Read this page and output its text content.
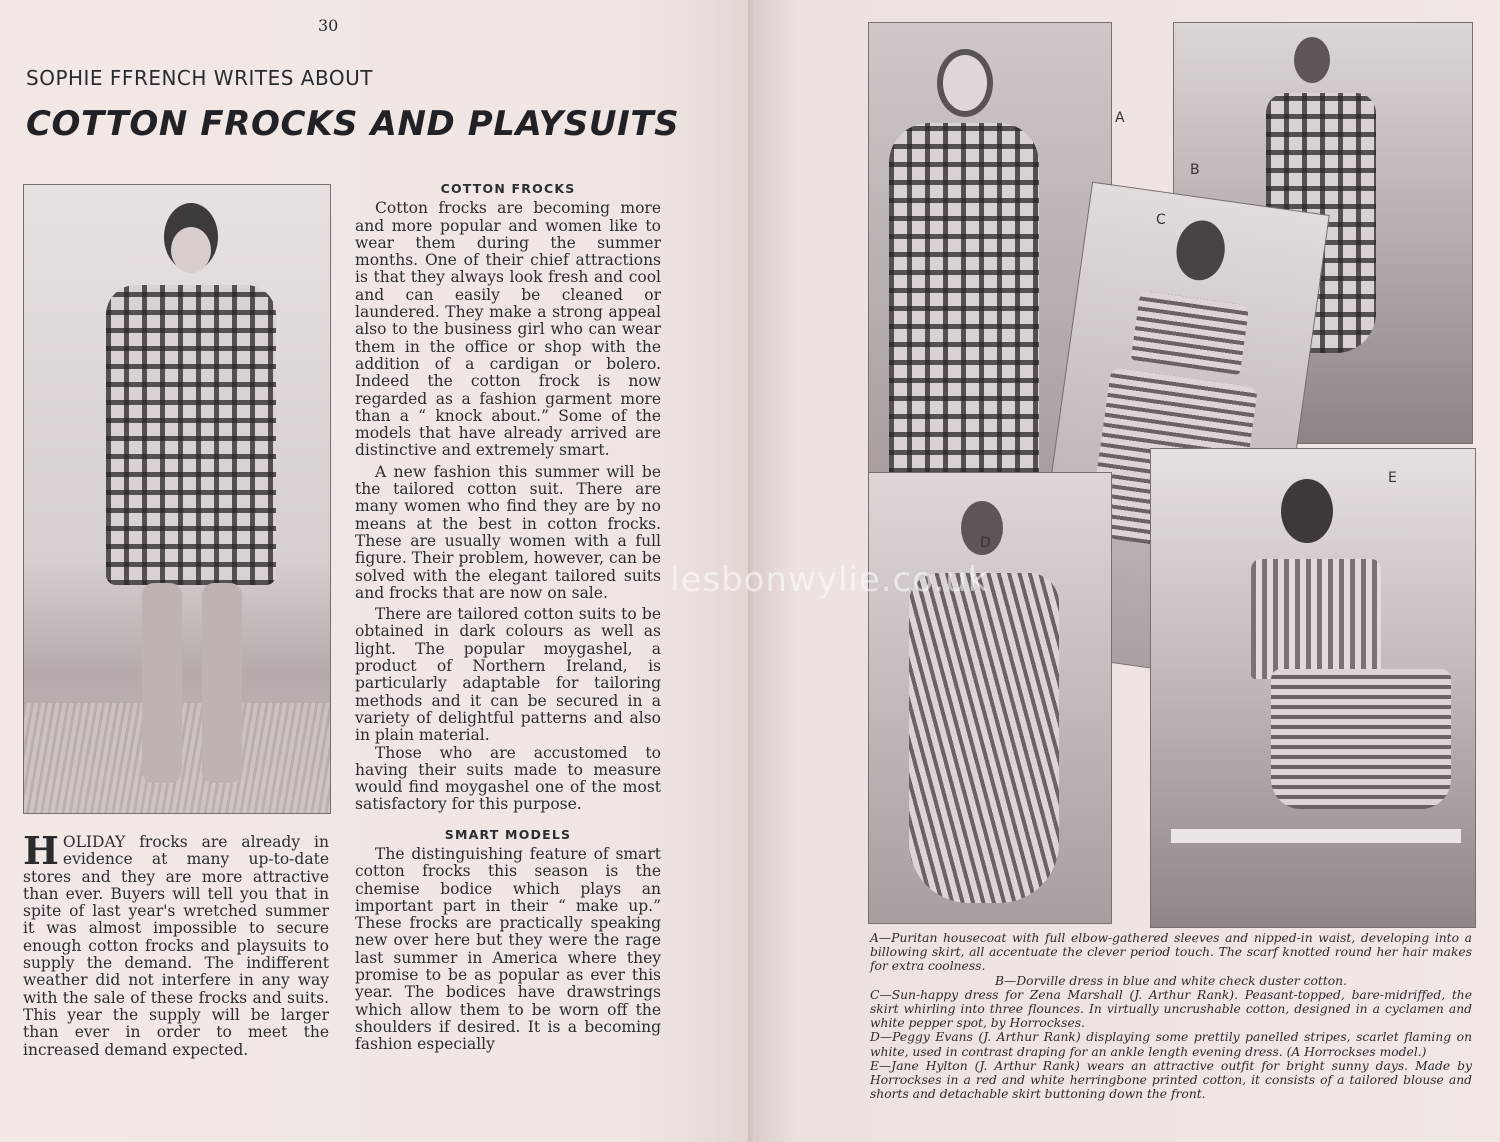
30
SOPHIE FFRENCH WRITES ABOUT
COTTON FROCKS AND PLAYSUITS

HOLIDAY frocks are already in evidence at many up-to-date stores and they are more attractive than ever. Buyers will tell you that in spite of last year's wretched summer it was almost impossible to secure enough cotton frocks and playsuits to supply the demand. The indifferent weather did not interfere in any way with the sale of these frocks and suits. This year the supply will be larger than ever in order to meet the increased demand expected.

COTTON FROCKS

Cotton frocks are becoming more and more popular and women like to wear them during the summer months. One of their chief attractions is that they always look fresh and cool and can easily be cleaned or laundered. They make a strong appeal also to the business girl who can wear them in the office or shop with the addition of a cardigan or bolero. Indeed the cotton frock is now regarded as a fashion garment more than a “ knock about.” Some of the models that have already arrived are distinctive and extremely smart.

A new fashion this summer will be the tailored cotton suit. There are many women who find they are by no means at the best in cotton frocks. These are usually women with a full figure. Their problem, however, can be solved with the elegant tailored suits and frocks that are now on sale.

There are tailored cotton suits to be obtained in dark colours as well as light. The popular moygashel, a product of Northern Ireland, is particularly adaptable for tailoring methods and it can be secured in a variety of delightful patterns and also in plain material.

Those who are accustomed to having their suits made to measure would find moygashel one of the most satisfactory for this purpose.

SMART MODELS

The distinguishing feature of smart cotton frocks this season is the chemise bodice which plays an important part in their “ make up.” These frocks are practically speaking new over here but they were the rage last summer in America where they promise to be as popular as ever this year. The bodices have drawstrings which allow them to be worn off the shoulders if desired. It is a becoming fashion especially

A
B
C
D
E
lesbonwylie.co.uk

A—Puritan housecoat with full elbow-gathered sleeves and nipped-in waist, developing into a billowing skirt, all accentuate the clever period touch. The scarf knotted round her hair makes for extra coolness.

B—Dorville dress in blue and white check duster cotton.

C—Sun-happy dress for Zena Marshall (J. Arthur Rank). Peasant-topped, bare-midriffed, the skirt whirling into three flounces. In virtually uncrushable cotton, designed in a cyclamen and white pepper spot, by Horrockses.

D—Peggy Evans (J. Arthur Rank) displaying some prettily panelled stripes, scarlet flaming on white, used in contrast draping for an ankle length evening dress. (A Horrockses model.)

E—Jane Hylton (J. Arthur Rank) wears an attractive outfit for bright sunny days. Made by Horrockses in a red and white herringbone printed cotton, it consists of a tailored blouse and shorts and detachable skirt buttoning down the front.
